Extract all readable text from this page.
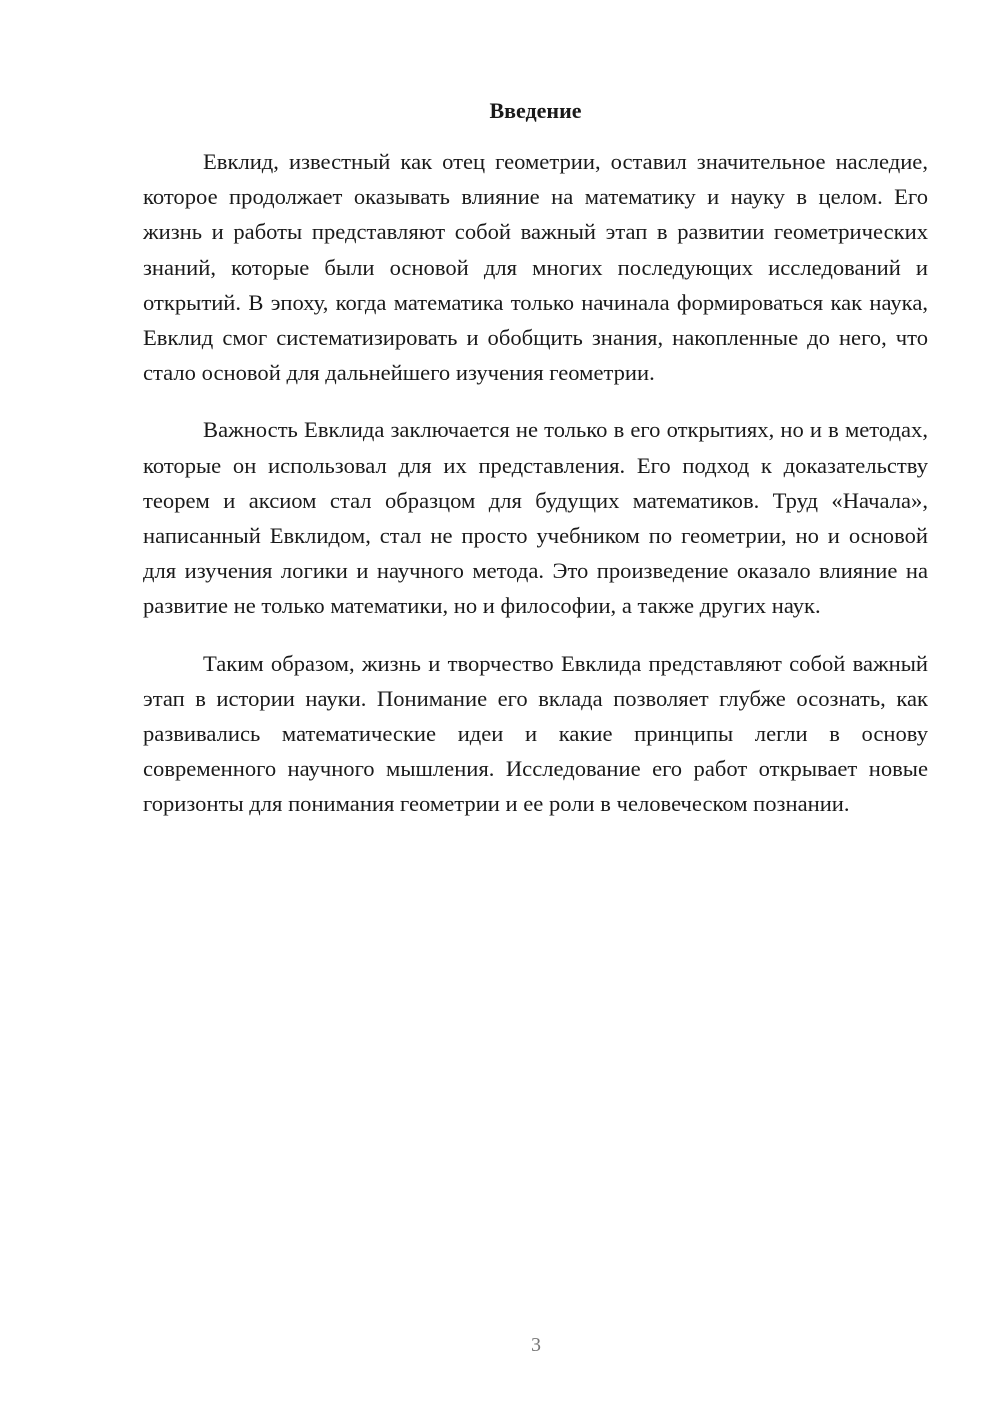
Введение

Евклид, известный как отец геометрии, оставил значительное наследие, которое продолжает оказывать влияние на математику и науку в целом. Его жизнь и работы представляют собой важный этап в развитии геометрических знаний, которые были основой для многих последующих исследований и открытий. В эпоху, когда математика только начинала формироваться как наука, Евклид смог систематизировать и обобщить знания, накопленные до него, что стало основой для дальнейшего изучения геометрии.

Важность Евклида заключается не только в его открытиях, но и в методах, которые он использовал для их представления. Его подход к доказательству теорем и аксиом стал образцом для будущих математиков. Труд «Начала», написанный Евклидом, стал не просто учебником по геометрии, но и основой для изучения логики и научного метода. Это произведение оказало влияние на развитие не только математики, но и философии, а также других наук.

Таким образом, жизнь и творчество Евклида представляют собой важный этап в истории науки. Понимание его вклада позволяет глубже осознать, как развивались математические идеи и какие принципы легли в основу современного научного мышления. Исследование его работ открывает новые горизонты для понимания геометрии и ее роли в человеческом познании.

3
